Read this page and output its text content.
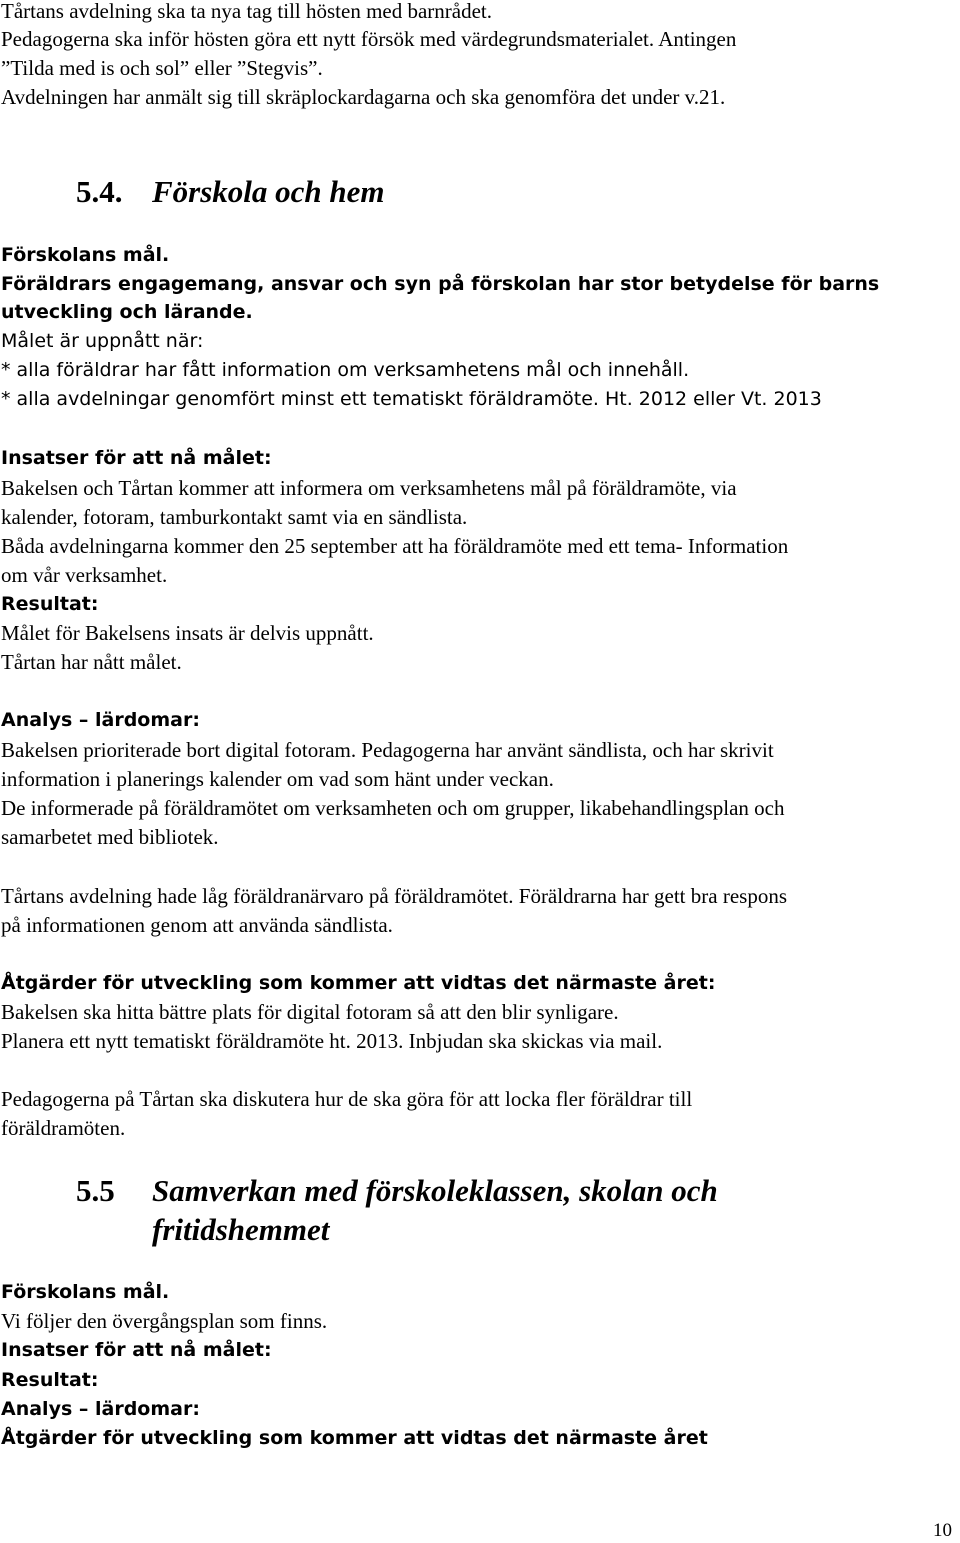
Tårtans avdelning ska ta nya tag till hösten med barnrådet.
Pedagogerna ska inför hösten göra ett nytt försök med värdegrundsmaterialet. Antingen
”Tilda med is och sol” eller ”Stegvis”.
Avdelningen har anmält sig till skräplockardagarna och ska genomföra det under v.21.
5.4. Förskola och hem
Förskolans mål.
Föräldrars engagemang, ansvar och syn på förskolan har stor betydelse för barns
utveckling och lärande.
Målet är uppnått när:
* alla föräldrar har fått information om verksamhetens mål och innehåll.
* alla avdelningar genomfört minst ett tematiskt föräldramöte. Ht. 2012 eller Vt. 2013
Insatser för att nå målet:
Bakelsen och Tårtan kommer att informera om verksamhetens mål på föräldramöte, via
kalender, fotoram, tamburkontakt samt via en sändlista.
Båda avdelningarna kommer den 25 september att ha föräldramöte med ett tema- Information
om vår verksamhet.
Resultat:
Målet för Bakelsens insats är delvis uppnått.
Tårtan har nått målet.
Analys – lärdomar:
Bakelsen prioriterade bort digital fotoram. Pedagogerna har använt sändlista, och har skrivit
information i planerings kalender om vad som hänt under veckan.
De informerade på föräldramötet om verksamheten och om grupper, likabehandlingsplan och
samarbetet med bibliotek.
Tårtans avdelning hade låg föräldranärvaro på föräldramötet. Föräldrarna har gett bra respons
på informationen genom att använda sändlista.
Åtgärder för utveckling som kommer att vidtas det närmaste året:
Bakelsen ska hitta bättre plats för digital fotoram så att den blir synligare.
Planera ett nytt tematiskt föräldramöte ht. 2013. Inbjudan ska skickas via mail.
Pedagogerna på Tårtan ska diskutera hur de ska göra för att locka fler föräldrar till
föräldramöten.
5.5 Samverkan med förskoleklassen, skolan och
fritidshemmet
Förskolans mål.
Vi följer den övergångsplan som finns.
Insatser för att nå målet:
Resultat:
Analys – lärdomar:
Åtgärder för utveckling som kommer att vidtas det närmaste året
10
